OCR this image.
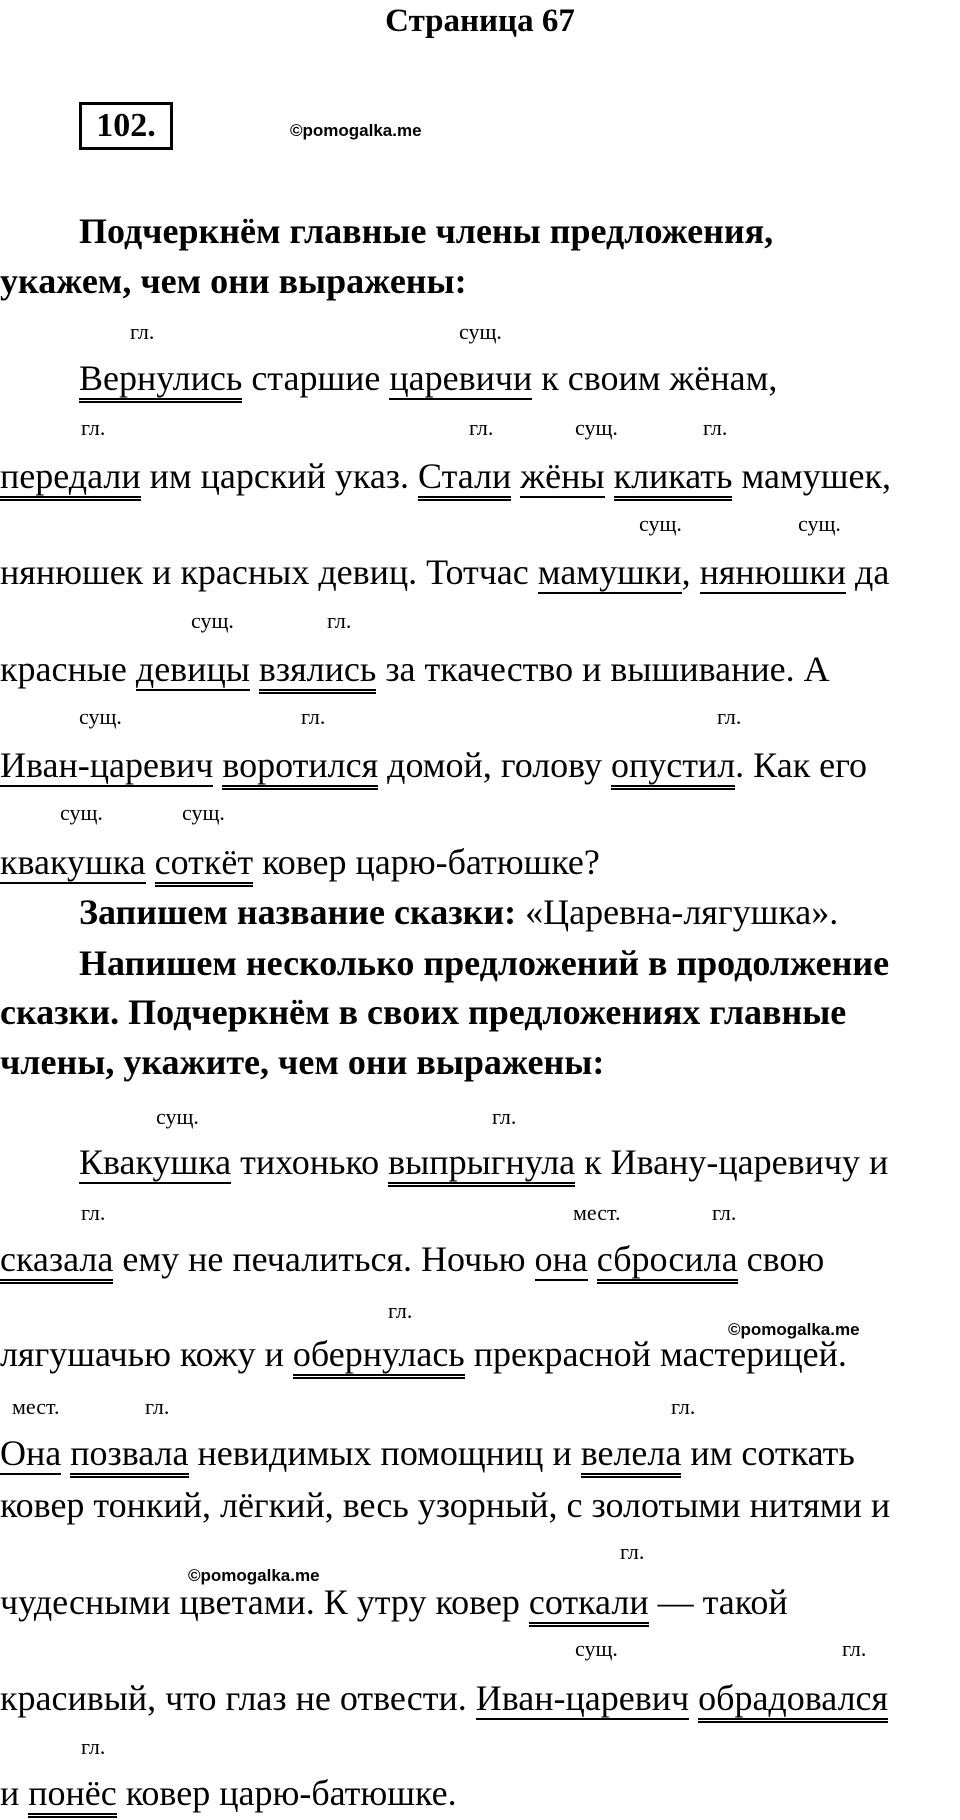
Страница 67
102.	©pomogalka.me
©pomogalka.me
©pomogalka.me
Подчеркнём главные члены предложения,
укажем, чем они выражены:
гл.	сущ.
Вернулись старшие царевичи к своим жёнам,
гл.	гл.	сущ.	гл.
передали им царский указ. Стали жёны кликать мамушек,
сущ.	сущ.
нянюшек и красных девиц. Тотчас мамушки, нянюшки да
сущ.	гл.
красные девицы взялись за ткачество и вышивание. А
сущ.	гл.	гл.
Иван-царевич воротился домой, голову опустил. Как его
сущ.	сущ.
квакушка соткёт ковер царю-батюшке?
Запишем название сказки: «Царевна-лягушка».
Напишем несколько предложений в продолжение
сказки. Подчеркнём в своих предложениях главные
члены, укажите, чем они выражены:
сущ.	гл.
Квакушка тихонько выпрыгнула к Ивану-царевичу и
гл.	мест.	гл.
сказала ему не печалиться. Ночью она сбросила свою
гл.
лягушачью кожу и обернулась прекрасной мастерицей.
мест.	гл.	гл.
Она позвала невидимых помощниц и велела им соткать
ковер тонкий, лёгкий, весь узорный, с золотыми нитями и
гл.
чудесными цветами. К утру ковер соткали — такой
сущ.	гл.
красивый, что глаз не отвести. Иван-царевич обрадовался
гл.
и понёс ковер царю-батюшке.
